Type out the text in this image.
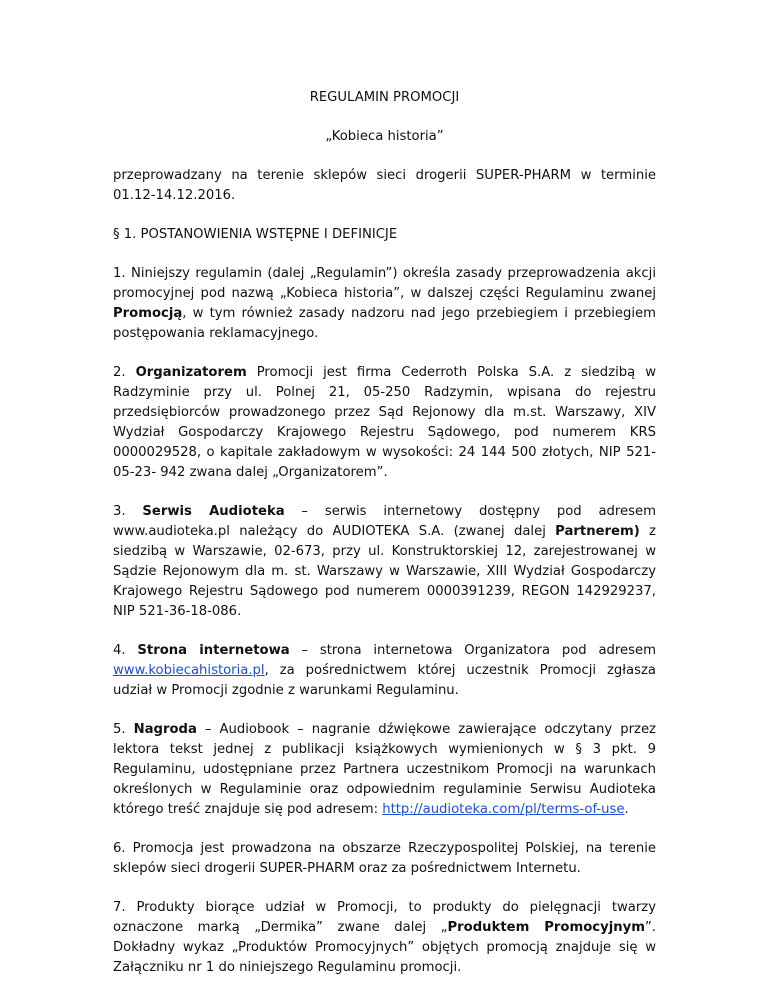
REGULAMIN PROMOCJI
„Kobieca historia”

przeprowadzany na terenie sklepów sieci drogerii SUPER-PHARM w terminie 01.12-14.12.2016.

§ 1. POSTANOWIENIA WSTĘPNE I DEFINICJE

1. Niniejszy regulamin (dalej „Regulamin”) określa zasady przeprowadzenia akcji promocyjnej pod nazwą „Kobieca historia”, w dalszej części Regulaminu zwanej Promocją, w tym również zasady nadzoru nad jego przebiegiem i przebiegiem postępowania reklamacyjnego.

2. Organizatorem Promocji jest firma Cederroth Polska S.A. z siedzibą w Radzyminie przy ul. Polnej 21, 05-250 Radzymin, wpisana do rejestru przedsiębiorców prowadzonego przez Sąd Rejonowy dla m.st. Warszawy, XIV Wydział Gospodarczy Krajowego Rejestru Sądowego, pod numerem KRS 0000029528, o kapitale zakładowym w wysokości: 24 144 500 złotych, NIP 521-05-23- 942 zwana dalej „Organizatorem”.

3. Serwis Audioteka – serwis internetowy dostępny pod adresem www.audioteka.pl należący do AUDIOTEKA S.A. (zwanej dalej Partnerem) z siedzibą w Warszawie, 02-673, przy ul. Konstruktorskiej 12, zarejestrowanej w Sądzie Rejonowym dla m. st. Warszawy w Warszawie, XIII Wydział Gospodarczy Krajowego Rejestru Sądowego pod numerem 0000391239, REGON 142929237, NIP 521-36-18-086.

4. Strona internetowa – strona internetowa Organizatora pod adresem www.kobiecahistoria.pl, za pośrednictwem której uczestnik Promocji zgłasza udział w Promocji zgodnie z warunkami Regulaminu.

5. Nagroda – Audiobook – nagranie dźwiękowe zawierające odczytany przez lektora tekst jednej z publikacji książkowych wymienionych w § 3 pkt. 9 Regulaminu, udostępniane przez Partnera uczestnikom Promocji na warunkach określonych w Regulaminie oraz odpowiednim regulaminie Serwisu Audioteka którego treść znajduje się pod adresem: http://audioteka.com/pl/terms-of-use.

6. Promocja jest prowadzona na obszarze Rzeczypospolitej Polskiej, na terenie sklepów sieci drogerii SUPER-PHARM oraz za pośrednictwem Internetu.

7. Produkty biorące udział w Promocji, to produkty do pielęgnacji twarzy oznaczone marką „Dermika” zwane dalej „Produktem Promocyjnym”. Dokładny wykaz „Produktów Promocyjnych” objętych promocją znajduje się w Załączniku nr 1 do niniejszego Regulaminu promocji.
